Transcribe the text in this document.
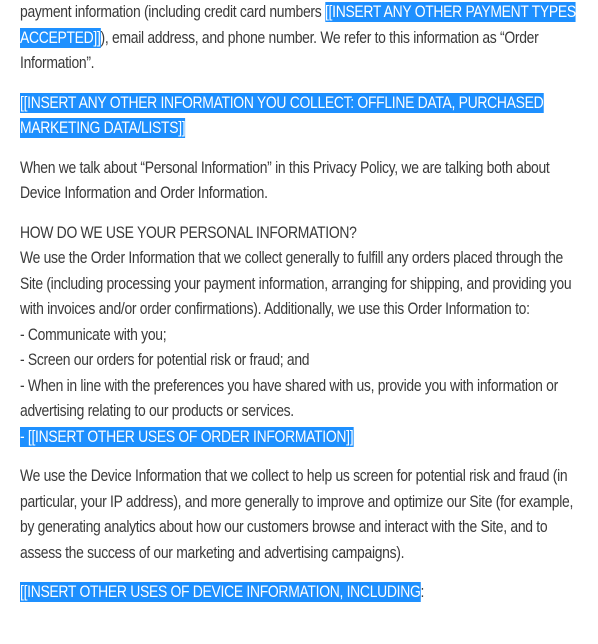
payment information (including credit card numbers [[INSERT ANY OTHER PAYMENT TYPES ACCEPTED]]), email address, and phone number. We refer to this information as “Order Information”.

[[INSERT ANY OTHER INFORMATION YOU COLLECT: OFFLINE DATA, PURCHASED MARKETING DATA/LISTS]]

When we talk about “Personal Information” in this Privacy Policy, we are talking both about Device Information and Order Information.

HOW DO WE USE YOUR PERSONAL INFORMATION?
We use the Order Information that we collect generally to fulfill any orders placed through the Site (including processing your payment information, arranging for shipping, and providing you with invoices and/or order confirmations). Additionally, we use this Order Information to:
- Communicate with you;
- Screen our orders for potential risk or fraud; and
- When in line with the preferences you have shared with us, provide you with information or advertising relating to our products or services.
- [[INSERT OTHER USES OF ORDER INFORMATION]]

We use the Device Information that we collect to help us screen for potential risk and fraud (in particular, your IP address), and more generally to improve and optimize our Site (for example, by generating analytics about how our customers browse and interact with the Site, and to assess the success of our marketing and advertising campaigns).

[[INSERT OTHER USES OF DEVICE INFORMATION, INCLUDING:
